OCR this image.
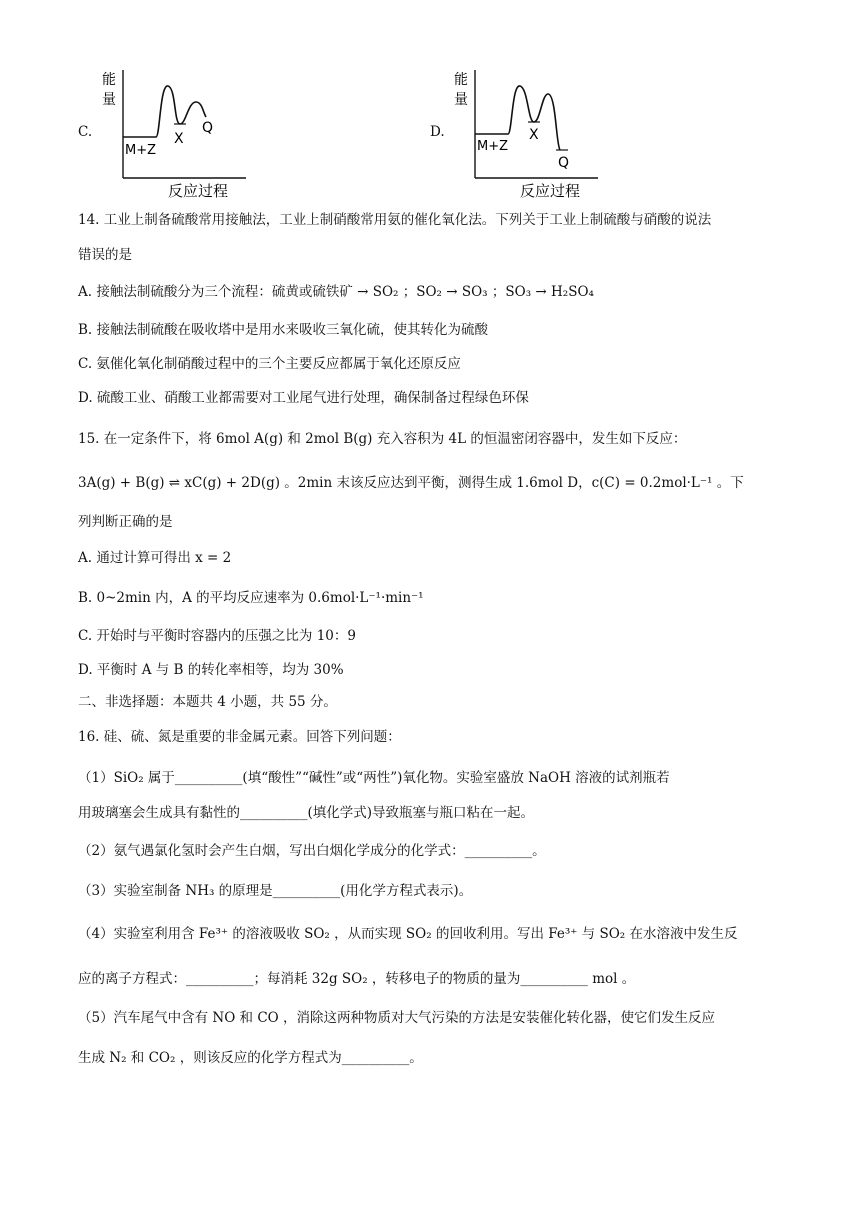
C.
能
量
M+Z
X
Q
反应过程
D.
能
量
M+Z
X
Q
反应过程
14. 工业上制备硫酸常用接触法，工业上制硝酸常用氨的催化氧化法。下列关于工业上制硫酸与硝酸的说法
错误的是
A. 接触法制硫酸分为三个流程：硫黄或硫铁矿 → SO₂ ；SO₂ → SO₃ ；SO₃ → H₂SO₄
B. 接触法制硫酸在吸收塔中是用水来吸收三氧化硫，使其转化为硫酸
C. 氨催化氧化制硝酸过程中的三个主要反应都属于氧化还原反应
D. 硫酸工业、硝酸工业都需要对工业尾气进行处理，确保制备过程绿色环保
15. 在一定条件下，将 6mol A(g) 和 2mol B(g) 充入容积为 4L 的恒温密闭容器中，发生如下反应：
3A(g) + B(g) ⇌ xC(g) + 2D(g) 。2min 末该反应达到平衡，测得生成 1.6mol D，c(C) = 0.2mol·L⁻¹ 。下
列判断正确的是
A. 通过计算可得出 x = 2
B. 0~2min 内，A 的平均反应速率为 0.6mol·L⁻¹·min⁻¹
C. 开始时与平衡时容器内的压强之比为 10：9
D. 平衡时 A 与 B 的转化率相等，均为 30%
二、非选择题：本题共 4 小题，共 55 分。
16. 硅、硫、氮是重要的非金属元素。回答下列问题：
（1）SiO₂ 属于__________(填“酸性”“碱性”或“两性”)氧化物。实验室盛放 NaOH 溶液的试剂瓶若
用玻璃塞会生成具有黏性的__________(填化学式)导致瓶塞与瓶口粘在一起。
（2）氨气遇氯化氢时会产生白烟，写出白烟化学成分的化学式：__________。
（3）实验室制备 NH₃ 的原理是__________(用化学方程式表示)。
（4）实验室利用含 Fe³⁺ 的溶液吸收 SO₂ ，从而实现 SO₂ 的回收利用。写出 Fe³⁺ 与 SO₂ 在水溶液中发生反
应的离子方程式：__________；每消耗 32g SO₂ ，转移电子的物质的量为__________ mol 。
（5）汽车尾气中含有 NO 和 CO ，消除这两种物质对大气污染的方法是安装催化转化器，使它们发生反应
生成 N₂ 和 CO₂ ，则该反应的化学方程式为__________。
